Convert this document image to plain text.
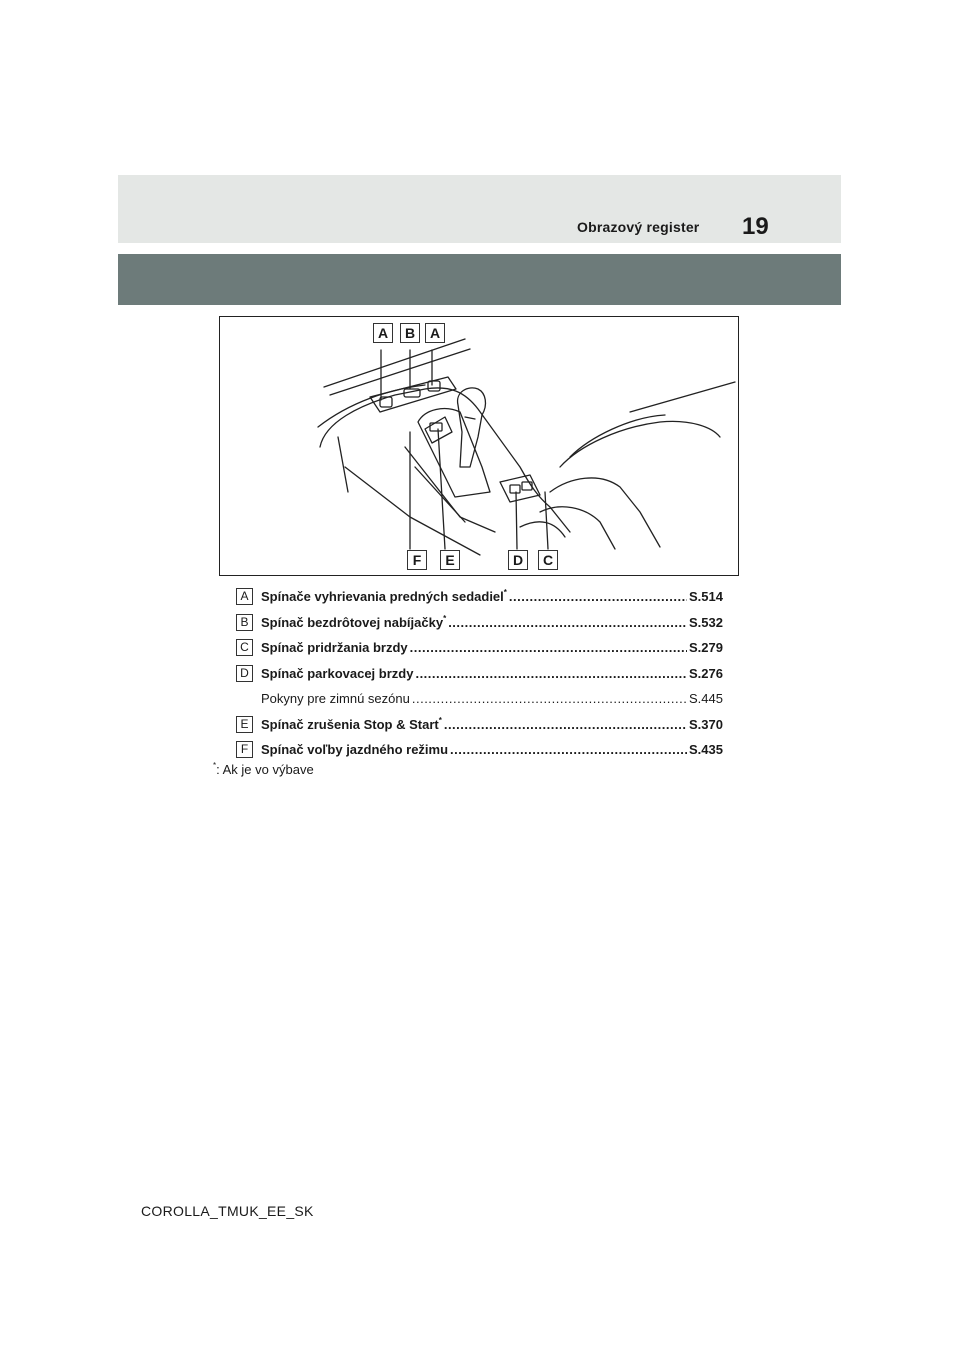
Obrazový register 19
A	B	A
F	E	D	C
A Spínače vyhrievania predných sedadiel* .....	S.514
B Spínač bezdrôtovej nabíjačky* .....	S.532
C Spínač pridržania brzdy .....	S.279
D Spínač parkovacej brzdy .....	S.276
Pokyny pre zimnú sezónu .....	S.445
E Spínač zrušenia Stop & Start* .....	S.370
F Spínač voľby jazdného režimu .....	S.435
*: Ak je vo výbave
COROLLA_TMUK_EE_SK
